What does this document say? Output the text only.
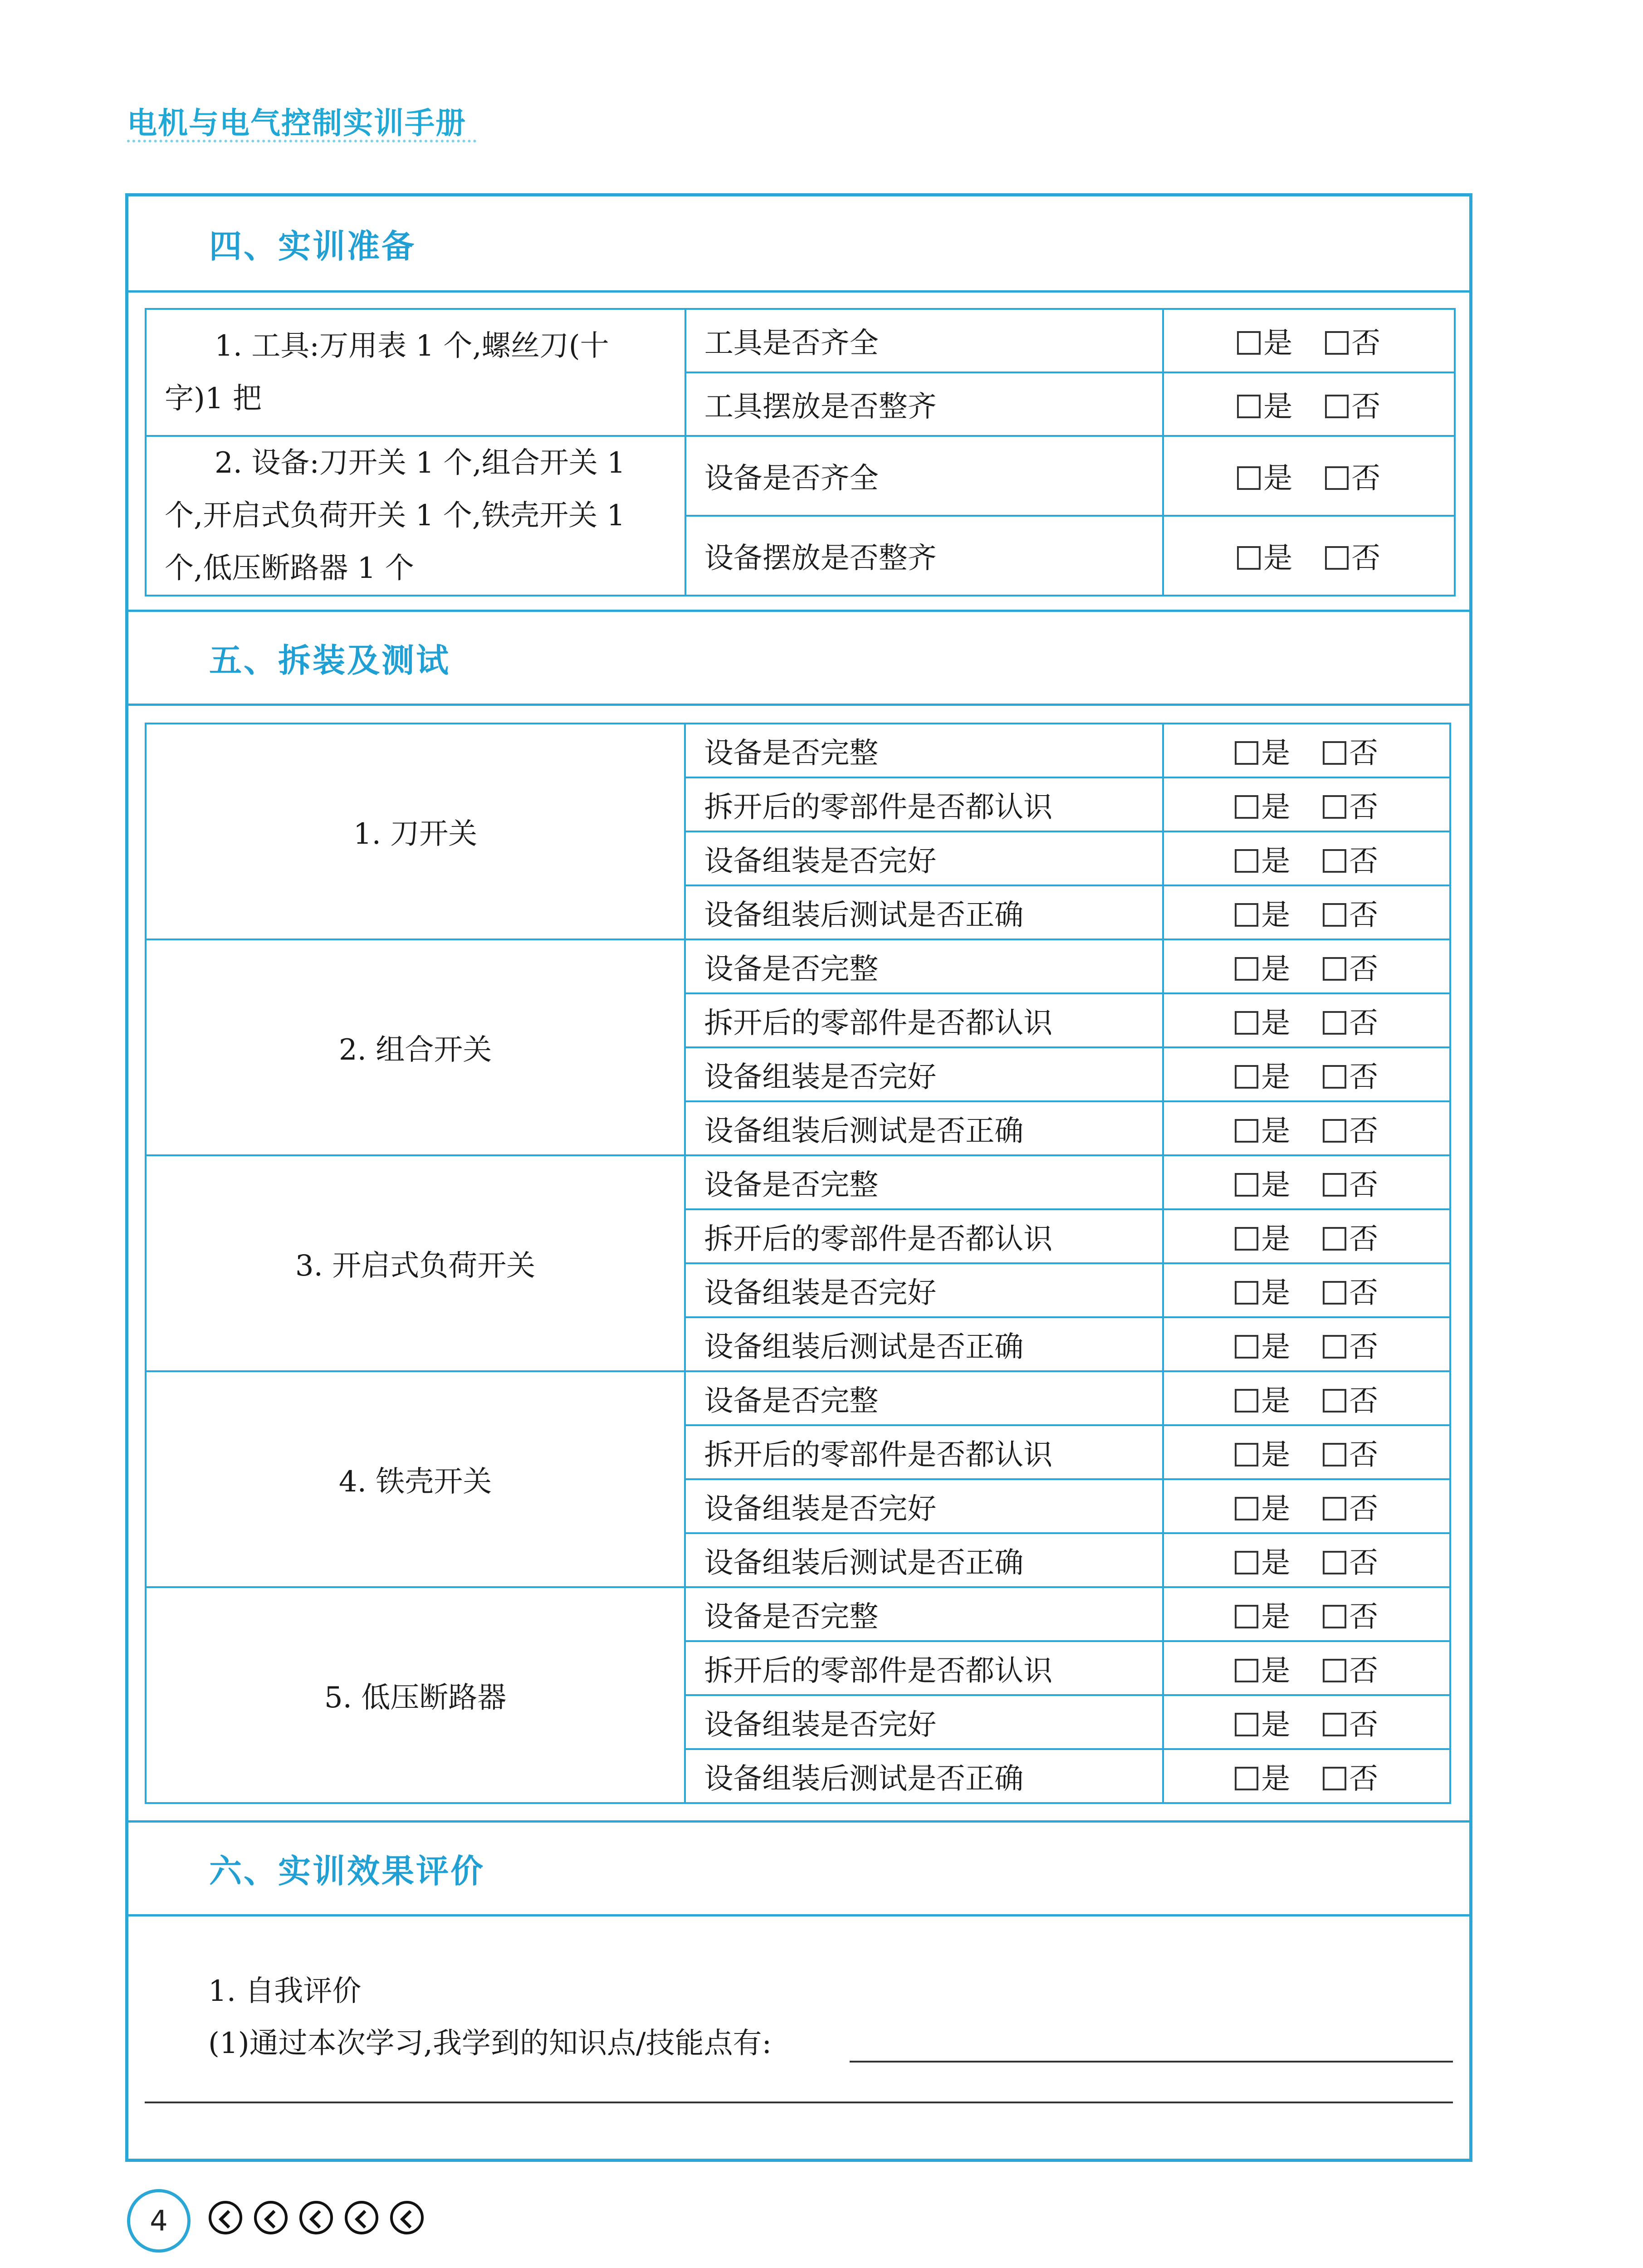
电机与电气控制实训手册
四、实训准备
1. 工具:万用表 1 个,螺丝刀(十字)1 把	工具是否齐全	是 否
	工具摆放是否整齐	是 否
2. 设备:刀开关 1 个,组合开关 1 个,开启式负荷开关 1 个,铁壳开关 1 个,低压断路器 1 个	设备是否齐全	是 否
	设备摆放是否整齐	是 否
五、拆装及测试
1. 刀开关	设备是否完整	是 否
	拆开后的零部件是否都认识	是 否
	设备组装是否完好	是 否
	设备组装后测试是否正确	是 否
2. 组合开关	设备是否完整	是 否
	拆开后的零部件是否都认识	是 否
	设备组装是否完好	是 否
	设备组装后测试是否正确	是 否
3. 开启式负荷开关	设备是否完整	是 否
	拆开后的零部件是否都认识	是 否
	设备组装是否完好	是 否
	设备组装后测试是否正确	是 否
4. 铁壳开关	设备是否完整	是 否
	拆开后的零部件是否都认识	是 否
	设备组装是否完好	是 否
	设备组装后测试是否正确	是 否
5. 低压断路器	设备是否完整	是 否
	拆开后的零部件是否都认识	是 否
	设备组装是否完好	是 否
	设备组装后测试是否正确	是 否
六、实训效果评价
1. 自我评价
(1)通过本次学习,我学到的知识点/技能点有:
4
